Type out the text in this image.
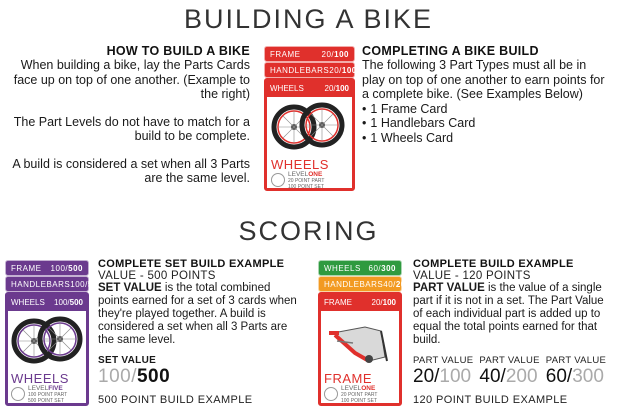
BUILDING A BIKE
HOW TO BUILD A BIKE

When building a bike, lay the Parts Cards face up on top of one another. (Example to the right)

The Part Levels do not have to match for a build to be complete.

A build is considered a set when all 3 Parts are the same level.

FRAME	20/100
HANDLEBARS 20/100
WHEELS	20/100
WHEELS
LEVELONE
20 POINT PART
100 POINT SET
COMPLETING A BIKE BUILD

The following 3 Part Types must all be in play on top of one another to earn points for a complete bike. (See Examples Below)

• 1 Frame Card
• 1 Handlebars Card
• 1 Wheels Card
SCORING
FRAME 100/500
HANDLEBARS 100/500
WHEELS 100/500
WHEELS
LEVELFIVE
100 POINT PART
500 POINT SET
COMPLETE SET BUILD EXAMPLE
VALUE - 500 POINTS

SET VALUE is the total combined points earned for a set of 3 cards when they're played together. A build is considered a set when all 3 Parts are the same level.

SET VALUE
100/500
500 POINT BUILD EXAMPLE
WHEELS 60/300
HANDLEBARS 40/200
FRAME 20/100
FRAME
LEVELONE
20 POINT PART
100 POINT SET
COMPLETE BUILD EXAMPLE
VALUE - 120 POINTS

PART VALUE is the value of a single part if it is not in a set. The Part Value of each individual part is added up to equal the total points earned for that build.

PART VALUE
20/100
PART VALUE
40/200
PART VALUE
60/300
120 POINT BUILD EXAMPLE
